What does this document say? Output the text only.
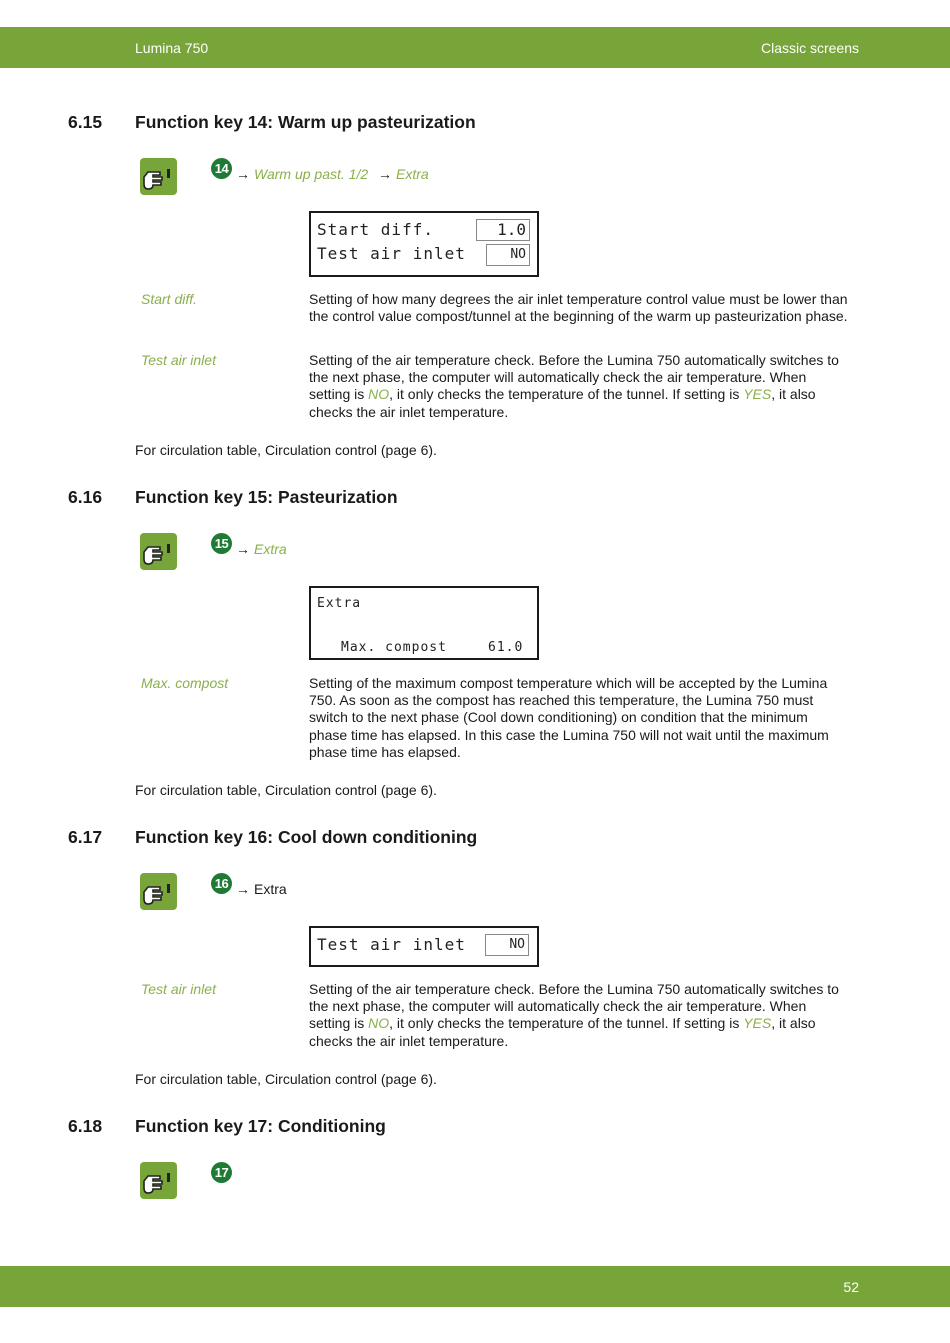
Lumina 750	Classic screens
6.15 Function key 14: Warm up pasteurization
14 → Warm up past. 1/2 → Extra
Start diff.	1.0
Test air inlet	NO
Start diff.	Setting of how many degrees the air inlet temperature control value must be lower than the control value compost/tunnel at the beginning of the warm up pasteurization phase.
Test air inlet	Setting of the air temperature check. Before the Lumina 750 automatically switches to the next phase, the computer will automatically check the air temperature. When setting is NO, it only checks the temperature of the tunnel. If setting is YES, it also checks the air inlet temperature.
For circulation table, Circulation control (page 6).
6.16 Function key 15: Pasteurization
15 → Extra
Extra
Max. compost	61.0
Max. compost	Setting of the maximum compost temperature which will be accepted by the Lumina 750. As soon as the compost has reached this temperature, the Lumina 750 must switch to the next phase (Cool down conditioning) on condition that the minimum phase time has elapsed. In this case the Lumina 750 will not wait until the maximum phase time has elapsed.
For circulation table, Circulation control (page 6).
6.17 Function key 16: Cool down conditioning
16 → Extra
Test air inlet	NO
Test air inlet	Setting of the air temperature check. Before the Lumina 750 automatically switches to the next phase, the computer will automatically check the air temperature. When setting is NO, it only checks the temperature of the tunnel. If setting is YES, it also checks the air inlet temperature.
For circulation table, Circulation control (page 6).
6.18 Function key 17: Conditioning
17
52
